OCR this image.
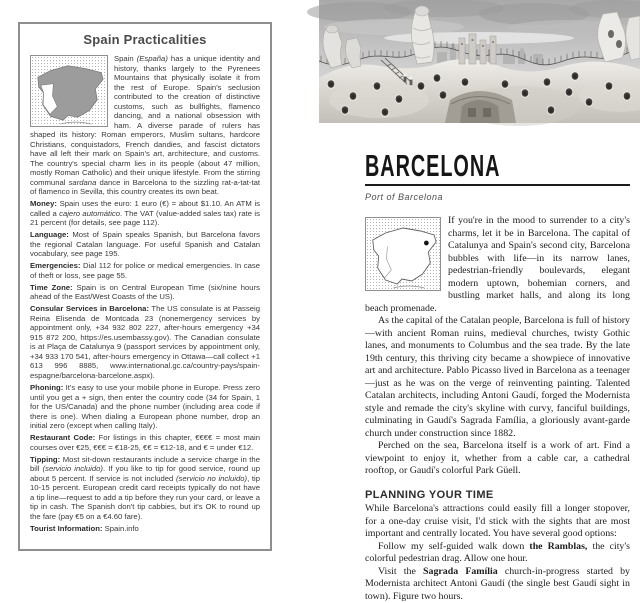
Spain Practicalities

Spain (España) has a unique identity and history, thanks largely to the Pyrenees Mountains that physically isolate it from the rest of Europe. Spain's seclusion contributed to the creation of distinctive customs, such as bullfights, flamenco dancing, and a national obsession with ham. A diverse parade of rulers has shaped its history: Roman emperors, Muslim sultans, hardcore Christians, conquistadors, French dandies, and fascist dictators have all left their mark on Spain's art, architecture, and customs. The country's special charm lies in its people (about 47 million, mostly Roman Catholic) and their unique lifestyle. From the stirring communal sardana dance in Barcelona to the sizzling rat-a-tat-tat of flamenco in Sevilla, this country creates its own beat.

Money: Spain uses the euro: 1 euro (€) = about $1.10. An ATM is called a cajero automático. The VAT (value-added sales tax) rate is 21 percent (for details, see page 112).

Language: Most of Spain speaks Spanish, but Barcelona favors the regional Catalan language. For useful Spanish and Catalan vocabulary, see page 195.

Emergencies: Dial 112 for police or medical emergencies. In case of theft or loss, see page 55.

Time Zone: Spain is on Central European Time (six/nine hours ahead of the East/West Coasts of the US).

Consular Services in Barcelona: The US consulate is at Passeig Reina Elisenda de Montcada 23 (nonemergency services by appointment only, +34 932 802 227, after-hours emergency +34 915 872 200, https://es.usembassy.gov). The Canadian consulate is at Plaça de Catalunya 9 (passport services by appointment only, +34 933 170 541, after-hours emergency in Ottawa—call collect +1 613 996 8885, www.international.gc.ca/country-pays/spain-espagne/barcelona-barcelone.aspx).

Phoning: It's easy to use your mobile phone in Europe. Press zero until you get a + sign, then enter the country code (34 for Spain, 1 for the US/Canada) and the phone number (including area code if there is one). When dialing a European phone number, drop an initial zero (except when calling Italy).

Restaurant Code: For listings in this chapter, €€€€ = most main courses over €25, €€€ = €18-25, €€ = €12-18, and € = under €12.

Tipping: Most sit-down restaurants include a service charge in the bill (servicio incluido). If you like to tip for good service, round up about 5 percent. If service is not included (servicio no incluido), tip 10-15 percent. European credit card receipts typically do not have a tip line—request to add a tip before they run your card, or leave a tip in cash. The Spanish don't tip cabbies, but it's OK to round up the fare (pay €5 on a €4.60 fare).

Tourist Information: Spain.info

BARCELONA
Port of Barcelona

If you're in the mood to surrender to a city's charms, let it be in Barcelona. The capital of Catalunya and Spain's second city, Barcelona bubbles with life—in its narrow lanes, pedestrian-friendly boulevards, elegant modern uptown, bohemian corners, and bustling market halls, and along its long beach promenade.

As the capital of the Catalan people, Barcelona is full of history—with ancient Roman ruins, medieval churches, twisty Gothic lanes, and monuments to Columbus and the sea trade. By the late 19th century, this thriving city became a showpiece of innovative art and architecture. Pablo Picasso lived in Barcelona as a teenager—just as he was on the verge of reinventing painting. Talented Catalan architects, including Antoni Gaudí, forged the Modernista style and remade the city's skyline with curvy, fanciful buildings, culminating in Gaudí's Sagrada Família, a gloriously avant-garde church under construction since 1882.

Perched on the sea, Barcelona itself is a work of art. Find a viewpoint to enjoy it, whether from a cable car, a cathedral rooftop, or Gaudí's colorful Park Güell.

PLANNING YOUR TIME

While Barcelona's attractions could easily fill a longer stopover, for a one-day cruise visit, I'd stick with the sights that are most important and centrally located. You have several good options:

Follow my self-guided walk down the Ramblas, the city's colorful pedestrian drag. Allow one hour.

Visit the Sagrada Família church-in-progress started by Modernista architect Antoni Gaudí (the single best Gaudí sight in town). Figure two hours.
